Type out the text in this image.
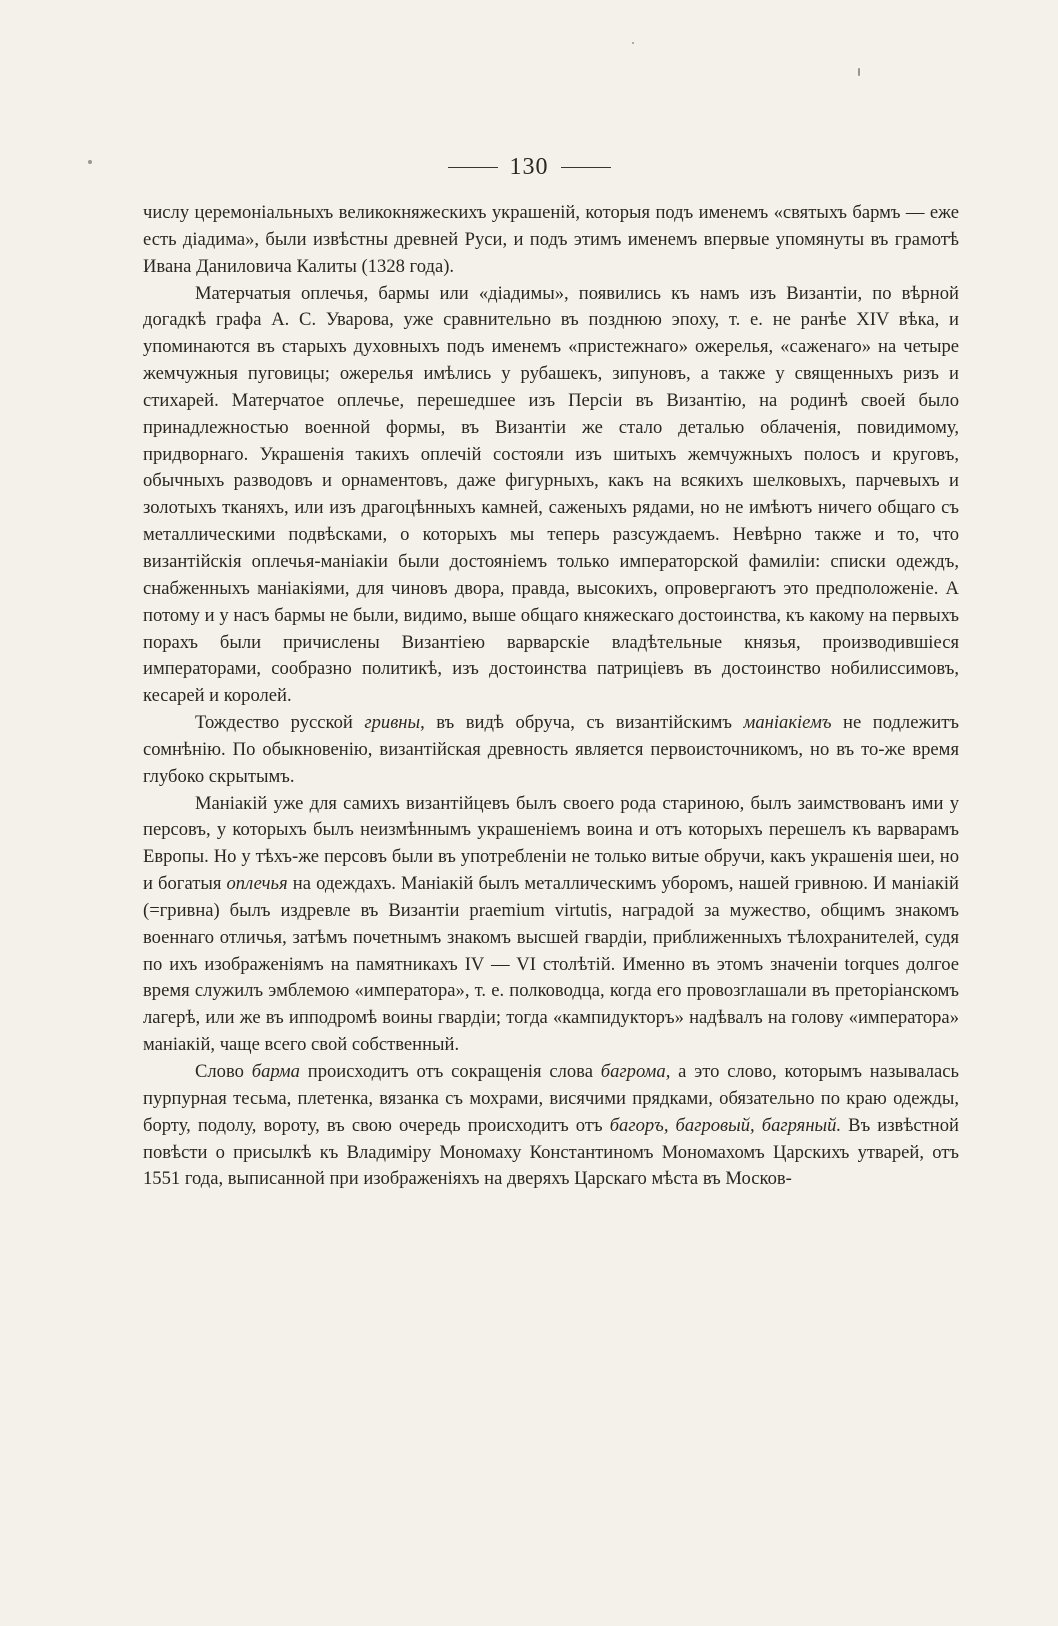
130

числу церемоніальныхъ великокняжескихъ украшеній, которыя подъ именемъ «святыхъ бармъ — еже есть діадима», были извѣстны древней Руси, и подъ этимъ именемъ впервые упомянуты въ грамотѣ Ивана Даниловича Калиты (1328 года).

Матерчатыя оплечья, бармы или «діадимы», появились къ намъ изъ Византіи, по вѣрной догадкѣ графа А. С. Уварова, уже сравнительно въ позднюю эпоху, т. е. не ранѣе XIV вѣка, и упоминаются въ старыхъ духовныхъ подъ именемъ «пристежнаго» ожерелья, «саженаго» на четыре жемчужныя пуговицы; ожерелья имѣлись у рубашекъ, зипуновъ, а также у священныхъ ризъ и стихарей. Матерчатое оплечье, перешедшее изъ Персіи въ Византію, на родинѣ своей было принадлежностью военной формы, въ Византіи же стало деталью облаченія, повидимому, придворнаго. Украшенія такихъ оплечій состояли изъ шитыхъ жемчужныхъ полосъ и круговъ, обычныхъ разводовъ и орнаментовъ, даже фигурныхъ, какъ на всякихъ шелковыхъ, парчевыхъ и золотыхъ тканяхъ, или изъ драгоцѣнныхъ камней, саженыхъ рядами, но не имѣютъ ничего общаго съ металлическими подвѣсками, о которыхъ мы теперь разсуждаемъ. Невѣрно также и то, что византійскія оплечья-маніакіи были достояніемъ только императорской фамиліи: списки одеждъ, снабженныхъ маніакіями, для чиновъ двора, правда, высокихъ, опровергаютъ это предположеніе. А потому и у насъ бармы не были, видимо, выше общаго княжескаго достоинства, къ какому на первыхъ порахъ были причислены Византіею варварскіе владѣтельные князья, производившіеся императорами, сообразно политикѣ, изъ достоинства патриціевъ въ достоинство нобилиссимовъ, кесарей и королей.

Тождество русской гривны, въ видѣ обруча, съ византійскимъ маніакіемъ не подлежитъ сомнѣнію. По обыкновенію, византійская древность является первоисточникомъ, но въ то-же время глубоко скрытымъ.

Маніакій уже для самихъ византійцевъ былъ своего рода стариною, былъ заимствованъ ими у персовъ, у которыхъ былъ неизмѣннымъ украшеніемъ воина и отъ которыхъ перешелъ къ варварамъ Европы. Но у тѣхъ-же персовъ были въ употребленіи не только витые обручи, какъ украшенія шеи, но и богатыя оплечья на одеждахъ. Маніакій былъ металлическимъ уборомъ, нашей гривною. И маніакій (=гривна) былъ издревле въ Византіи praemium virtutis, наградой за мужество, общимъ знакомъ военнаго отличья, затѣмъ почетнымъ знакомъ высшей гвардіи, приближенныхъ тѣлохранителей, судя по ихъ изображеніямъ на памятникахъ IV — VI столѣтій. Именно въ этомъ значеніи torques долгое время служилъ эмблемою «императора», т. е. полководца, когда его провозглашали въ преторіанскомъ лагерѣ, или же въ ипподромѣ воины гвардіи; тогда «кампидукторъ» надѣвалъ на голову «императора» маніакій, чаще всего свой собственный.

Слово барма происходитъ отъ сокращенія слова багрома, а это слово, которымъ называлась пурпурная тесьма, плетенка, вязанка съ мохрами, висячими прядками, обязательно по краю одежды, борту, подолу, вороту, въ свою очередь происходитъ отъ багоръ, багровый, багряный. Въ извѣстной повѣсти о присылкѣ къ Владиміру Мономаху Константиномъ Мономахомъ Царскихъ утварей, отъ 1551 года, выписанной при изображеніяхъ на дверяхъ Царскаго мѣста въ Москов-
